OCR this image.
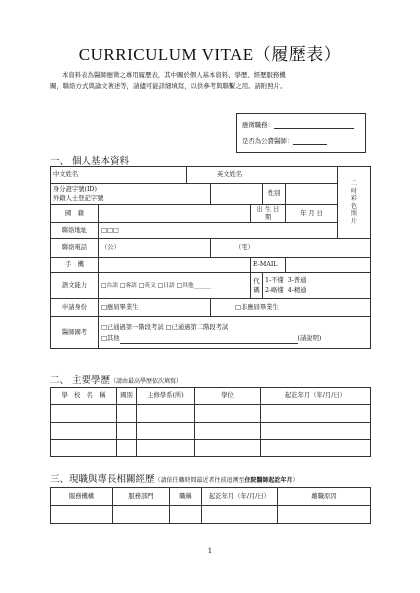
CURRICULUM VITAE（履歷表）
本資料表為醫師應徵之專用履歷表，其中關於個人基本資料、學歷、經歷服務機
關，聯絡方式與論文著述等，請儘可能詳細填寫，以供參考與聯繫之用。請附照片。
應徵職務：
是否為公費醫師：
一、 個人基本資料
中文姓名		英文姓名					二吋彩色照片

身分證字號(ID)
外籍人士登記字號					性別		
國　籍				出 生 日 期		年 月 日	
聯絡地址	□□□						
聯絡電話	（公）		（宅）				
手　機				E-MAIL			
語文能力	□台語 □客語 □英文 □日語 □其他______			代碼	1-不懂 3-普通
2-略懂 4-精通		

申請身份	□應屆畢業生		□非應屆畢業生				
醫師國考	□已通過第一階段考試 □已通過第二階段考試
□其他 (請說明)						
二、 主要學歷（請由最高學歷依次填寫）
學　校　名　稱	國別	主修學系(所)	學位	起訖年月（年/月/日）

三、現職與專長相關經歷（請依任職時間最近者往前追溯至住院醫師起訖年月）
服務機構	服務部門	職稱	起訖年月（年/月/日）	離職原因

1
